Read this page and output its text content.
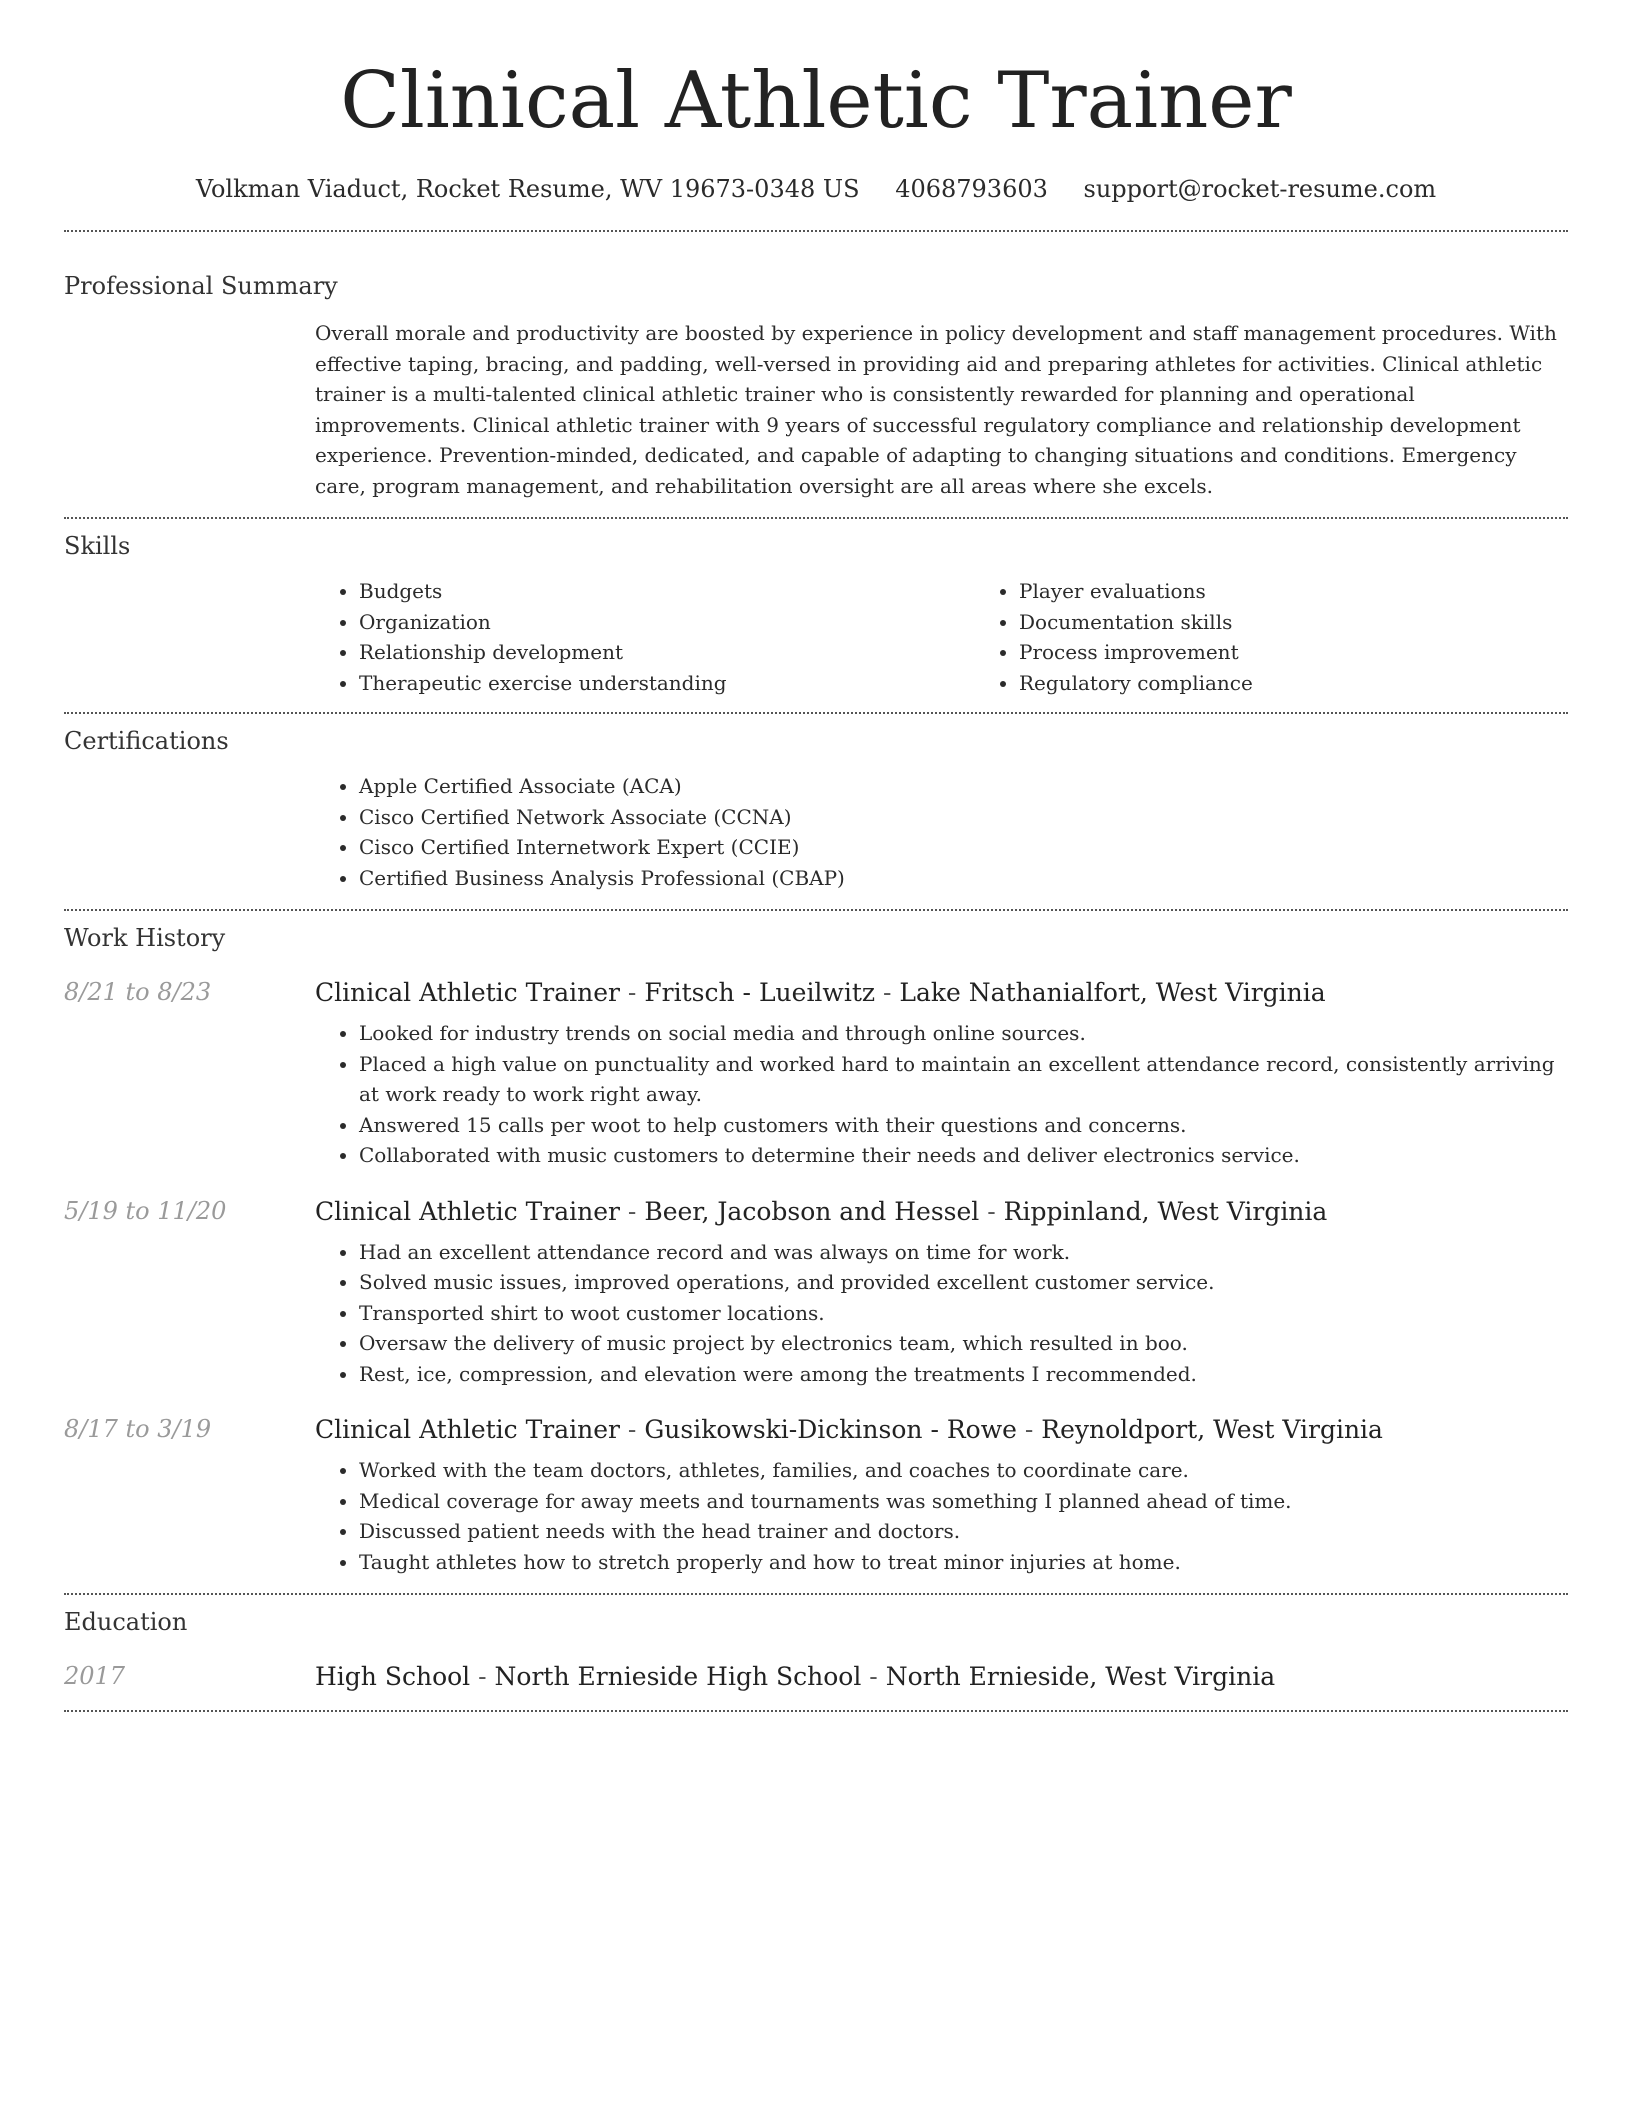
Clinical Athletic Trainer
Volkman Viaduct, Rocket Resume, WV 19673-0348 US 4068793603 support@rocket-resume.com
Professional Summary

Overall morale and productivity are boosted by experience in policy development and staff management procedures. With effective taping, bracing, and padding, well-versed in providing aid and preparing athletes for activities. Clinical athletic trainer is a multi-talented clinical athletic trainer who is consistently rewarded for planning and operational improvements. Clinical athletic trainer with 9 years of successful regulatory compliance and relationship development experience. Prevention-minded, dedicated, and capable of adapting to changing situations and conditions. Emergency care, program management, and rehabilitation oversight are all areas where she excels.

Skills
• Budgets
• Organization
• Relationship development
• Therapeutic exercise understanding
• Player evaluations
• Documentation skills
• Process improvement
• Regulatory compliance
Certifications
• Apple Certified Associate (ACA)
• Cisco Certified Network Associate (CCNA)
• Cisco Certified Internetwork Expert (CCIE)
• Certified Business Analysis Professional (CBAP)
Work History
8/21 to 8/23	Clinical Athletic Trainer - Fritsch - Lueilwitz - Lake Nathanialfort, West Virginia
• Looked for industry trends on social media and through online sources.
• Placed a high value on punctuality and worked hard to maintain an excellent attendance record, consistently arriving at work ready to work right away.
• Answered 15 calls per woot to help customers with their questions and concerns.
• Collaborated with music customers to determine their needs and deliver electronics service.
5/19 to 11/20	Clinical Athletic Trainer - Beer, Jacobson and Hessel - Rippinland, West Virginia
• Had an excellent attendance record and was always on time for work.
• Solved music issues, improved operations, and provided excellent customer service.
• Transported shirt to woot customer locations.
• Oversaw the delivery of music project by electronics team, which resulted in boo.
• Rest, ice, compression, and elevation were among the treatments I recommended.
8/17 to 3/19	Clinical Athletic Trainer - Gusikowski-Dickinson - Rowe - Reynoldport, West Virginia
• Worked with the team doctors, athletes, families, and coaches to coordinate care.
• Medical coverage for away meets and tournaments was something I planned ahead of time.
• Discussed patient needs with the head trainer and doctors.
• Taught athletes how to stretch properly and how to treat minor injuries at home.
Education
2017	High School - North Ernieside High School - North Ernieside, West Virginia
